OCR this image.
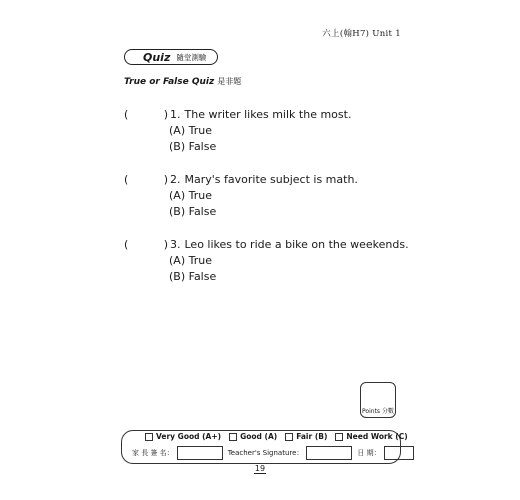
六上(翰H7) Unit 1
Quiz 隨堂測驗
True or False Quiz 是非題
(	) 1. The writer likes milk the most.
(A) True
(B) False
(	) 2. Mary's favorite subject is math.
(A) True
(B) False
(	) 3. Leo likes to ride a bike on the weekends.
(A) True
(B) False
Points 分數
Very Good (A+)	Good (A)	Fair (B)	Need Work (C)
家 長 簽 名：	Teacher's Signature：	日 期：
19
